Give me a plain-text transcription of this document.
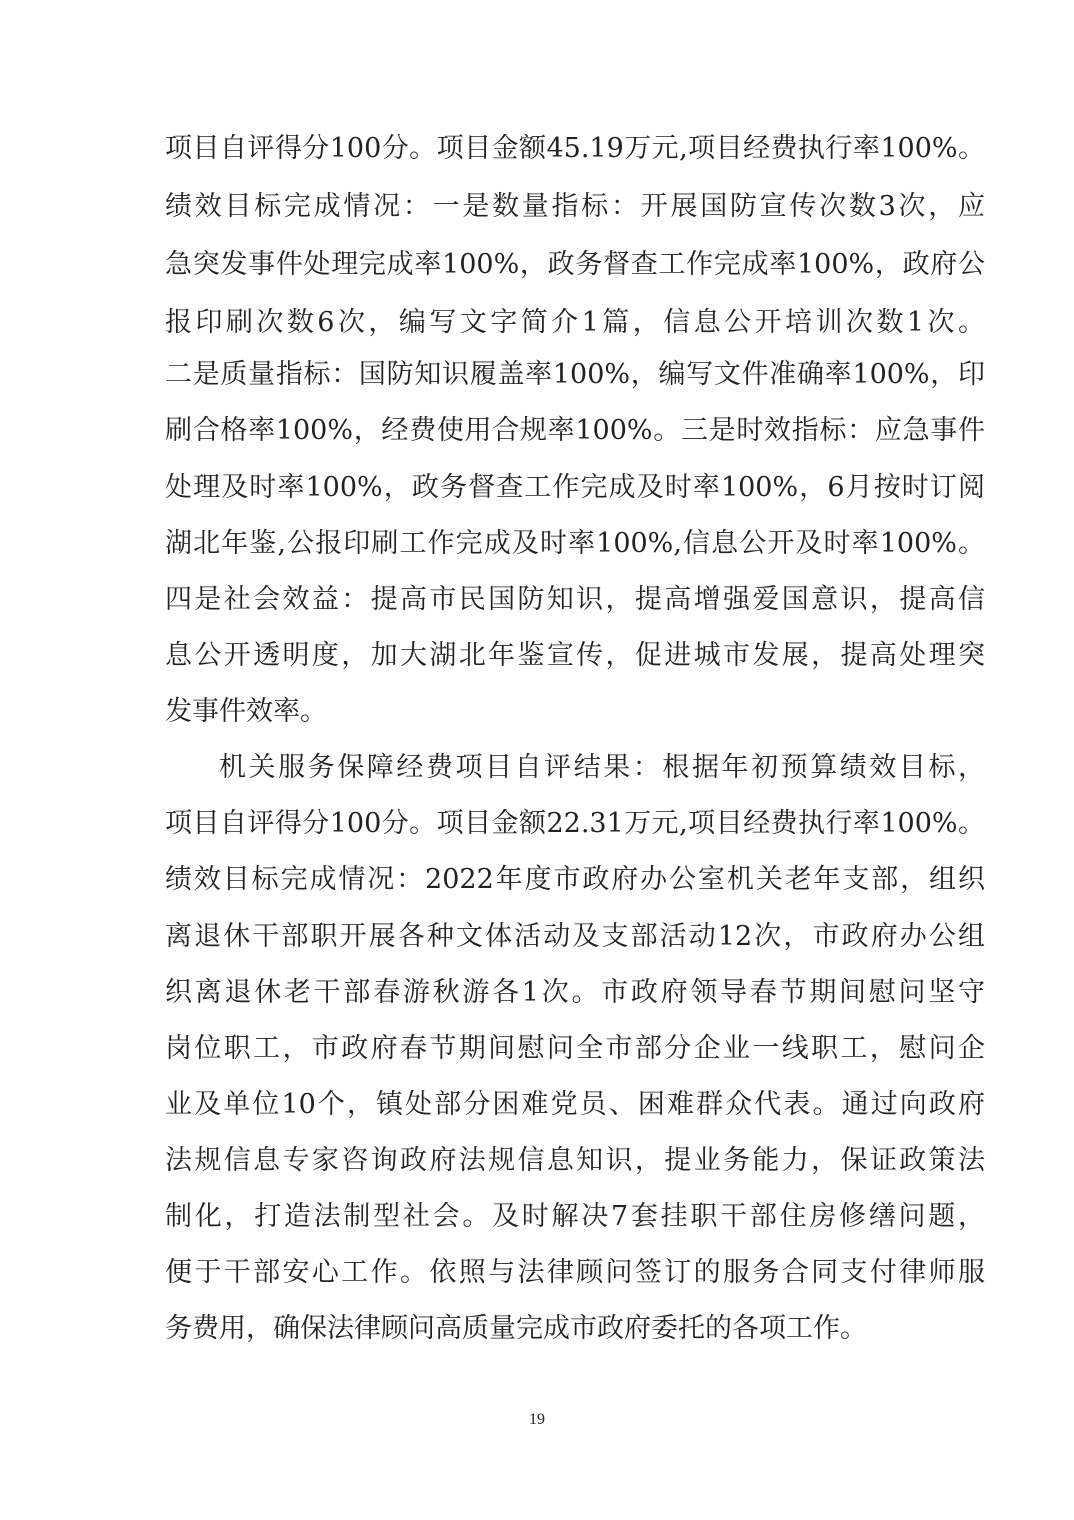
项目自评得分100分。项目金额45.19万元,项目经费执行率100%。
绩效目标完成情况：一是数量指标：开展国防宣传次数3次，应
急突发事件处理完成率100%，政务督查工作完成率100%，政府公
报印刷次数6次，编写文字简介1篇，信息公开培训次数1次。
二是质量指标：国防知识履盖率100%，编写文件准确率100%，印
刷合格率100%，经费使用合规率100%。三是时效指标：应急事件
处理及时率100%，政务督查工作完成及时率100%，6月按时订阅
湖北年鉴,公报印刷工作完成及时率100%,信息公开及时率100%。
四是社会效益：提高市民国防知识，提高增强爱国意识，提高信
息公开透明度，加大湖北年鉴宣传，促进城市发展，提高处理突
发事件效率。
机关服务保障经费项目自评结果：根据年初预算绩效目标，
项目自评得分100分。项目金额22.31万元,项目经费执行率100%。
绩效目标完成情况：2022年度市政府办公室机关老年支部，组织
离退休干部职开展各种文体活动及支部活动12次，市政府办公组
织离退休老干部春游秋游各1次。市政府领导春节期间慰问坚守
岗位职工，市政府春节期间慰问全市部分企业一线职工，慰问企
业及单位10个，镇处部分困难党员、困难群众代表。通过向政府
法规信息专家咨询政府法规信息知识，提业务能力，保证政策法
制化，打造法制型社会。及时解决7套挂职干部住房修缮问题，
便于干部安心工作。依照与法律顾问签订的服务合同支付律师服
务费用，确保法律顾问高质量完成市政府委托的各项工作。
19
